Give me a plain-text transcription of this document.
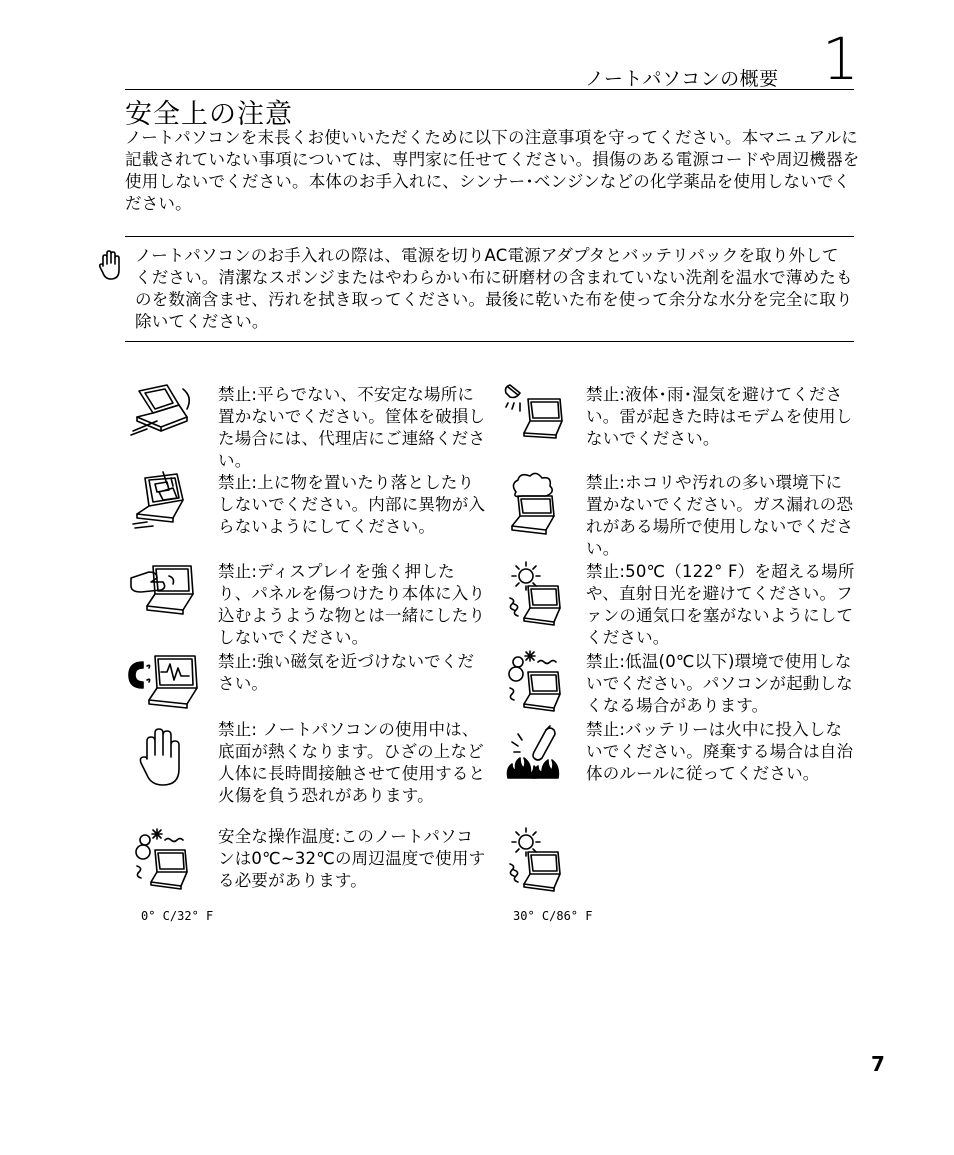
ノートパソコンの概要 1
安全上の注意
ノートパソコンを末長くお使いいただくために以下の注意事項を守ってください。本マニュアルに記載されていない事項については、専門家に任せてください。損傷のある電源コードや周辺機器を使用しないでください。本体のお手入れに、シンナー･ベンジンなどの化学薬品を使用しないでください。
ノートパソコンのお手入れの際は、電源を切りAC電源アダプタとバッテリパックを取り外してください。清潔なスポンジまたはやわらかい布に研磨材の含まれていない洗剤を温水で薄めたものを数滴含ませ、汚れを拭き取ってください。最後に乾いた布を使って余分な水分を完全に取り除いてください。
禁止:平らでない、不安定な場所に置かないでください。筐体を破損した場合には、代理店にご連絡ください。
禁止:液体･雨･湿気を避けてください。雷が起きた時はモデムを使用しないでください。
禁止:上に物を置いたり落としたりしないでください。内部に異物が入らないようにしてください。
禁止:ホコリや汚れの多い環境下に置かないでください。ガス漏れの恐れがある場所で使用しないでください。
禁止:ディスプレイを強く押したり、パネルを傷つけたり本体に入り込むようような物とは一緒にしたりしないでください。
禁止:50℃（122° F）を超える場所や、直射日光を避けてください。ファンの通気口を塞がないようにしてください。
禁止:強い磁気を近づけないでください。
禁止:低温(0℃以下)環境で使用しないでください。パソコンが起動しなくなる場合があります。
禁止: ノートパソコンの使用中は、底面が熱くなります。ひざの上など人体に長時間接触させて使用すると火傷を負う恐れがあります。
禁止:バッテリーは火中に投入しないでください。廃棄する場合は自治体のルールに従ってください。
安全な操作温度:このノートパソコンは0℃~32℃の周辺温度で使用する必要があります。
0° C/32° F	30° C/86° F
7
